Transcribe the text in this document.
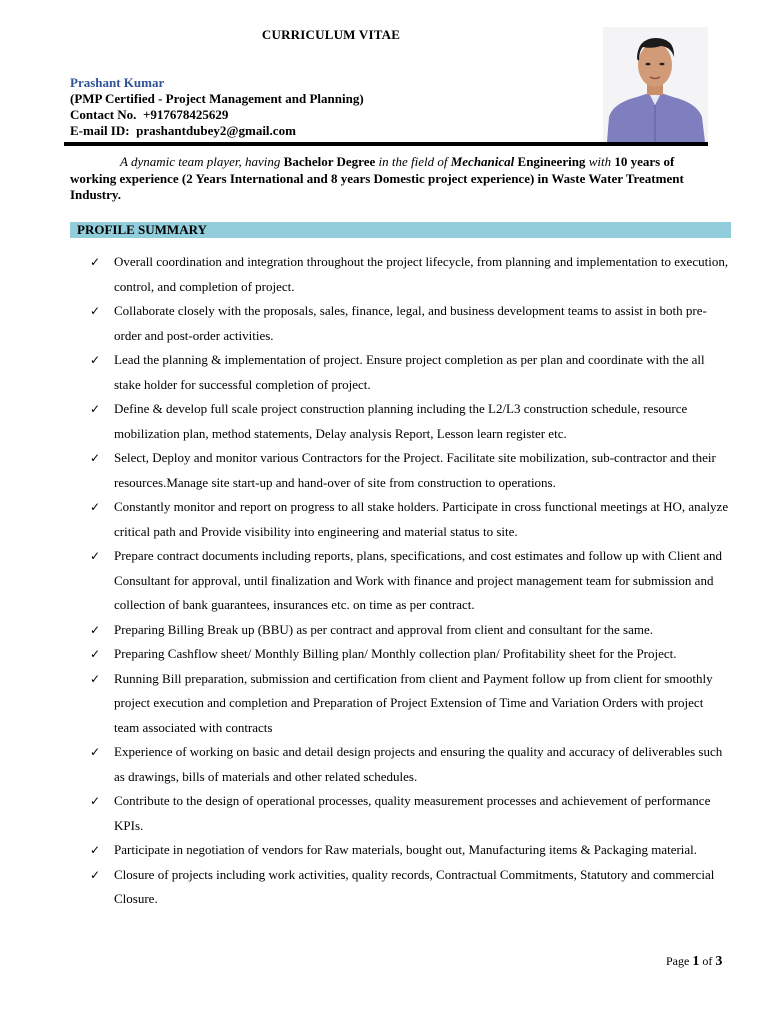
CURRICULUM VITAE
Prashant Kumar
(PMP Certified - Project Management and Planning)
Contact No. +917678425629
E-mail ID: prashantdubey2@gmail.com
A dynamic team player, having Bachelor Degree in the field of Mechanical Engineering with 10 years of working experience (2 Years International and 8 years Domestic project experience) in Waste Water Treatment Industry.
PROFILE SUMMARY
✓ Overall coordination and integration throughout the project lifecycle, from planning and implementation to execution, control, and completion of project.
✓ Collaborate closely with the proposals, sales, finance, legal, and business development teams to assist in both pre-order and post-order activities.
✓ Lead the planning & implementation of project. Ensure project completion as per plan and coordinate with the all stake holder for successful completion of project.
✓ Define & develop full scale project construction planning including the L2/L3 construction schedule, resource mobilization plan, method statements, Delay analysis Report, Lesson learn register etc.
✓ Select, Deploy and monitor various Contractors for the Project. Facilitate site mobilization, sub-contractor and their resources.Manage site start-up and hand-over of site from construction to operations.
✓ Constantly monitor and report on progress to all stake holders. Participate in cross functional meetings at HO, analyze critical path and Provide visibility into engineering and material status to site.
✓ Prepare contract documents including reports, plans, specifications, and cost estimates and follow up with Client and Consultant for approval, until finalization and Work with finance and project management team for submission and collection of bank guarantees, insurances etc. on time as per contract.
✓ Preparing Billing Break up (BBU) as per contract and approval from client and consultant for the same.
✓ Preparing Cashflow sheet/ Monthly Billing plan/ Monthly collection plan/ Profitability sheet for the Project.
✓ Running Bill preparation, submission and certification from client and Payment follow up from client for smoothly project execution and completion and Preparation of Project Extension of Time and Variation Orders with project team associated with contracts
✓ Experience of working on basic and detail design projects and ensuring the quality and accuracy of deliverables such as drawings, bills of materials and other related schedules.
✓ Contribute to the design of operational processes, quality measurement processes and achievement of performance KPIs.
✓ Participate in negotiation of vendors for Raw materials, bought out, Manufacturing items & Packaging material.
✓ Closure of projects including work activities, quality records, Contractual Commitments, Statutory and commercial Closure.
Page 1 of 3
